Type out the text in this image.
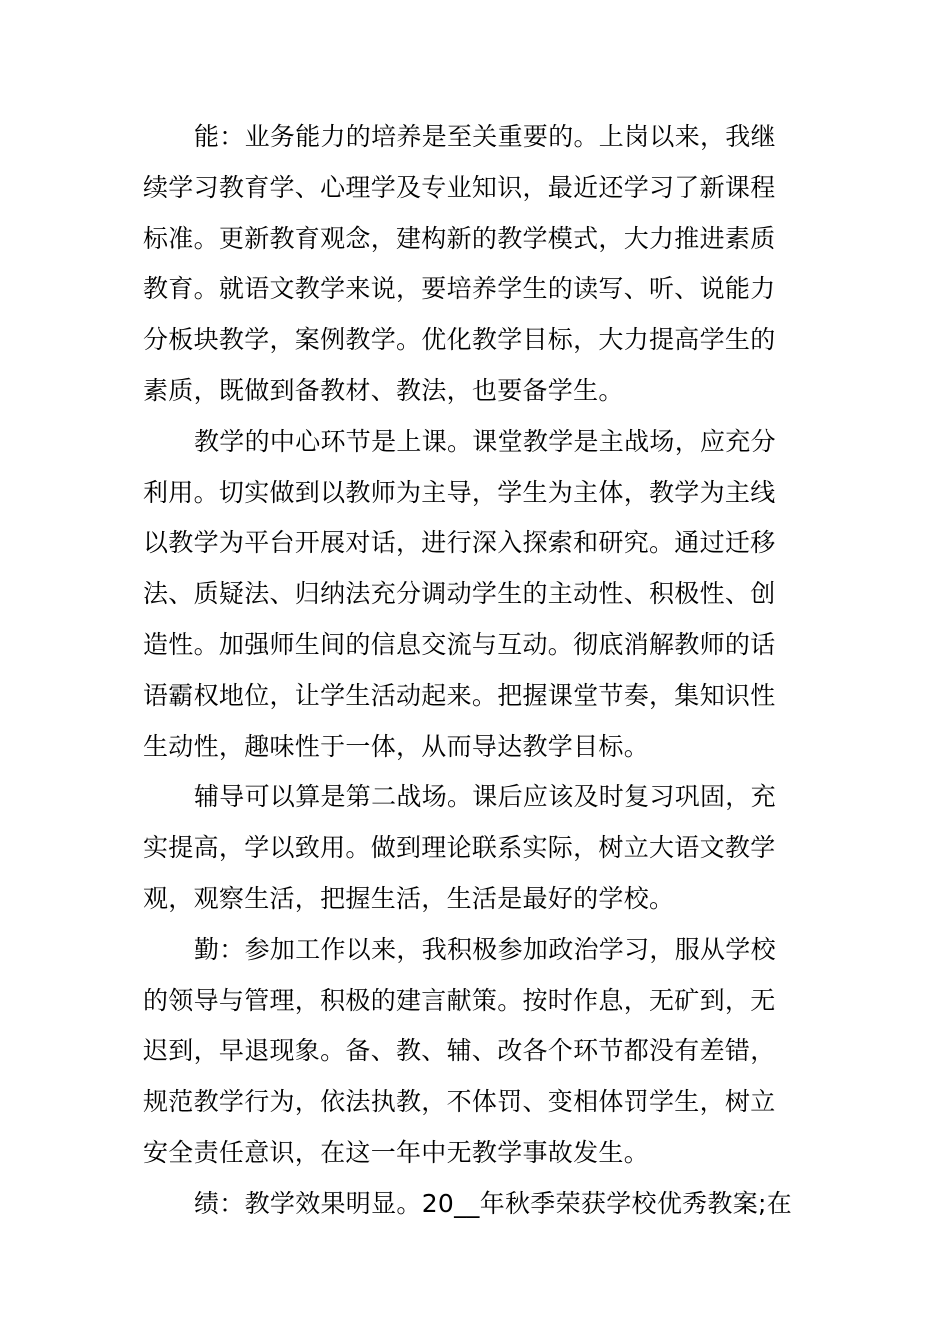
能：业务能力的培养是至关重要的。上岗以来，我继
续学习教育学、心理学及专业知识，最近还学习了新课程
标准。更新教育观念，建构新的教学模式，大力推进素质
教育。就语文教学来说，要培养学生的读写、听、说能力
分板块教学，案例教学。优化教学目标，大力提高学生的
素质，既做到备教材、教法，也要备学生。
教学的中心环节是上课。课堂教学是主战场，应充分
利用。切实做到以教师为主导，学生为主体，教学为主线
以教学为平台开展对话，进行深入探索和研究。通过迁移
法、质疑法、归纳法充分调动学生的主动性、积极性、创
造性。加强师生间的信息交流与互动。彻底消解教师的话
语霸权地位，让学生活动起来。把握课堂节奏，集知识性
生动性，趣味性于一体，从而导达教学目标。
辅导可以算是第二战场。课后应该及时复习巩固，充
实提高，学以致用。做到理论联系实际，树立大语文教学
观，观察生活，把握生活，生活是最好的学校。
勤：参加工作以来，我积极参加政治学习，服从学校
的领导与管理，积极的建言献策。按时作息，无矿到，无
迟到，早退现象。备、教、辅、改各个环节都没有差错，
规范教学行为，依法执教，不体罚、变相体罚学生，树立
安全责任意识，在这一年中无教学事故发生。
绩：教学效果明显。20__年秋季荣获学校优秀教案;在
